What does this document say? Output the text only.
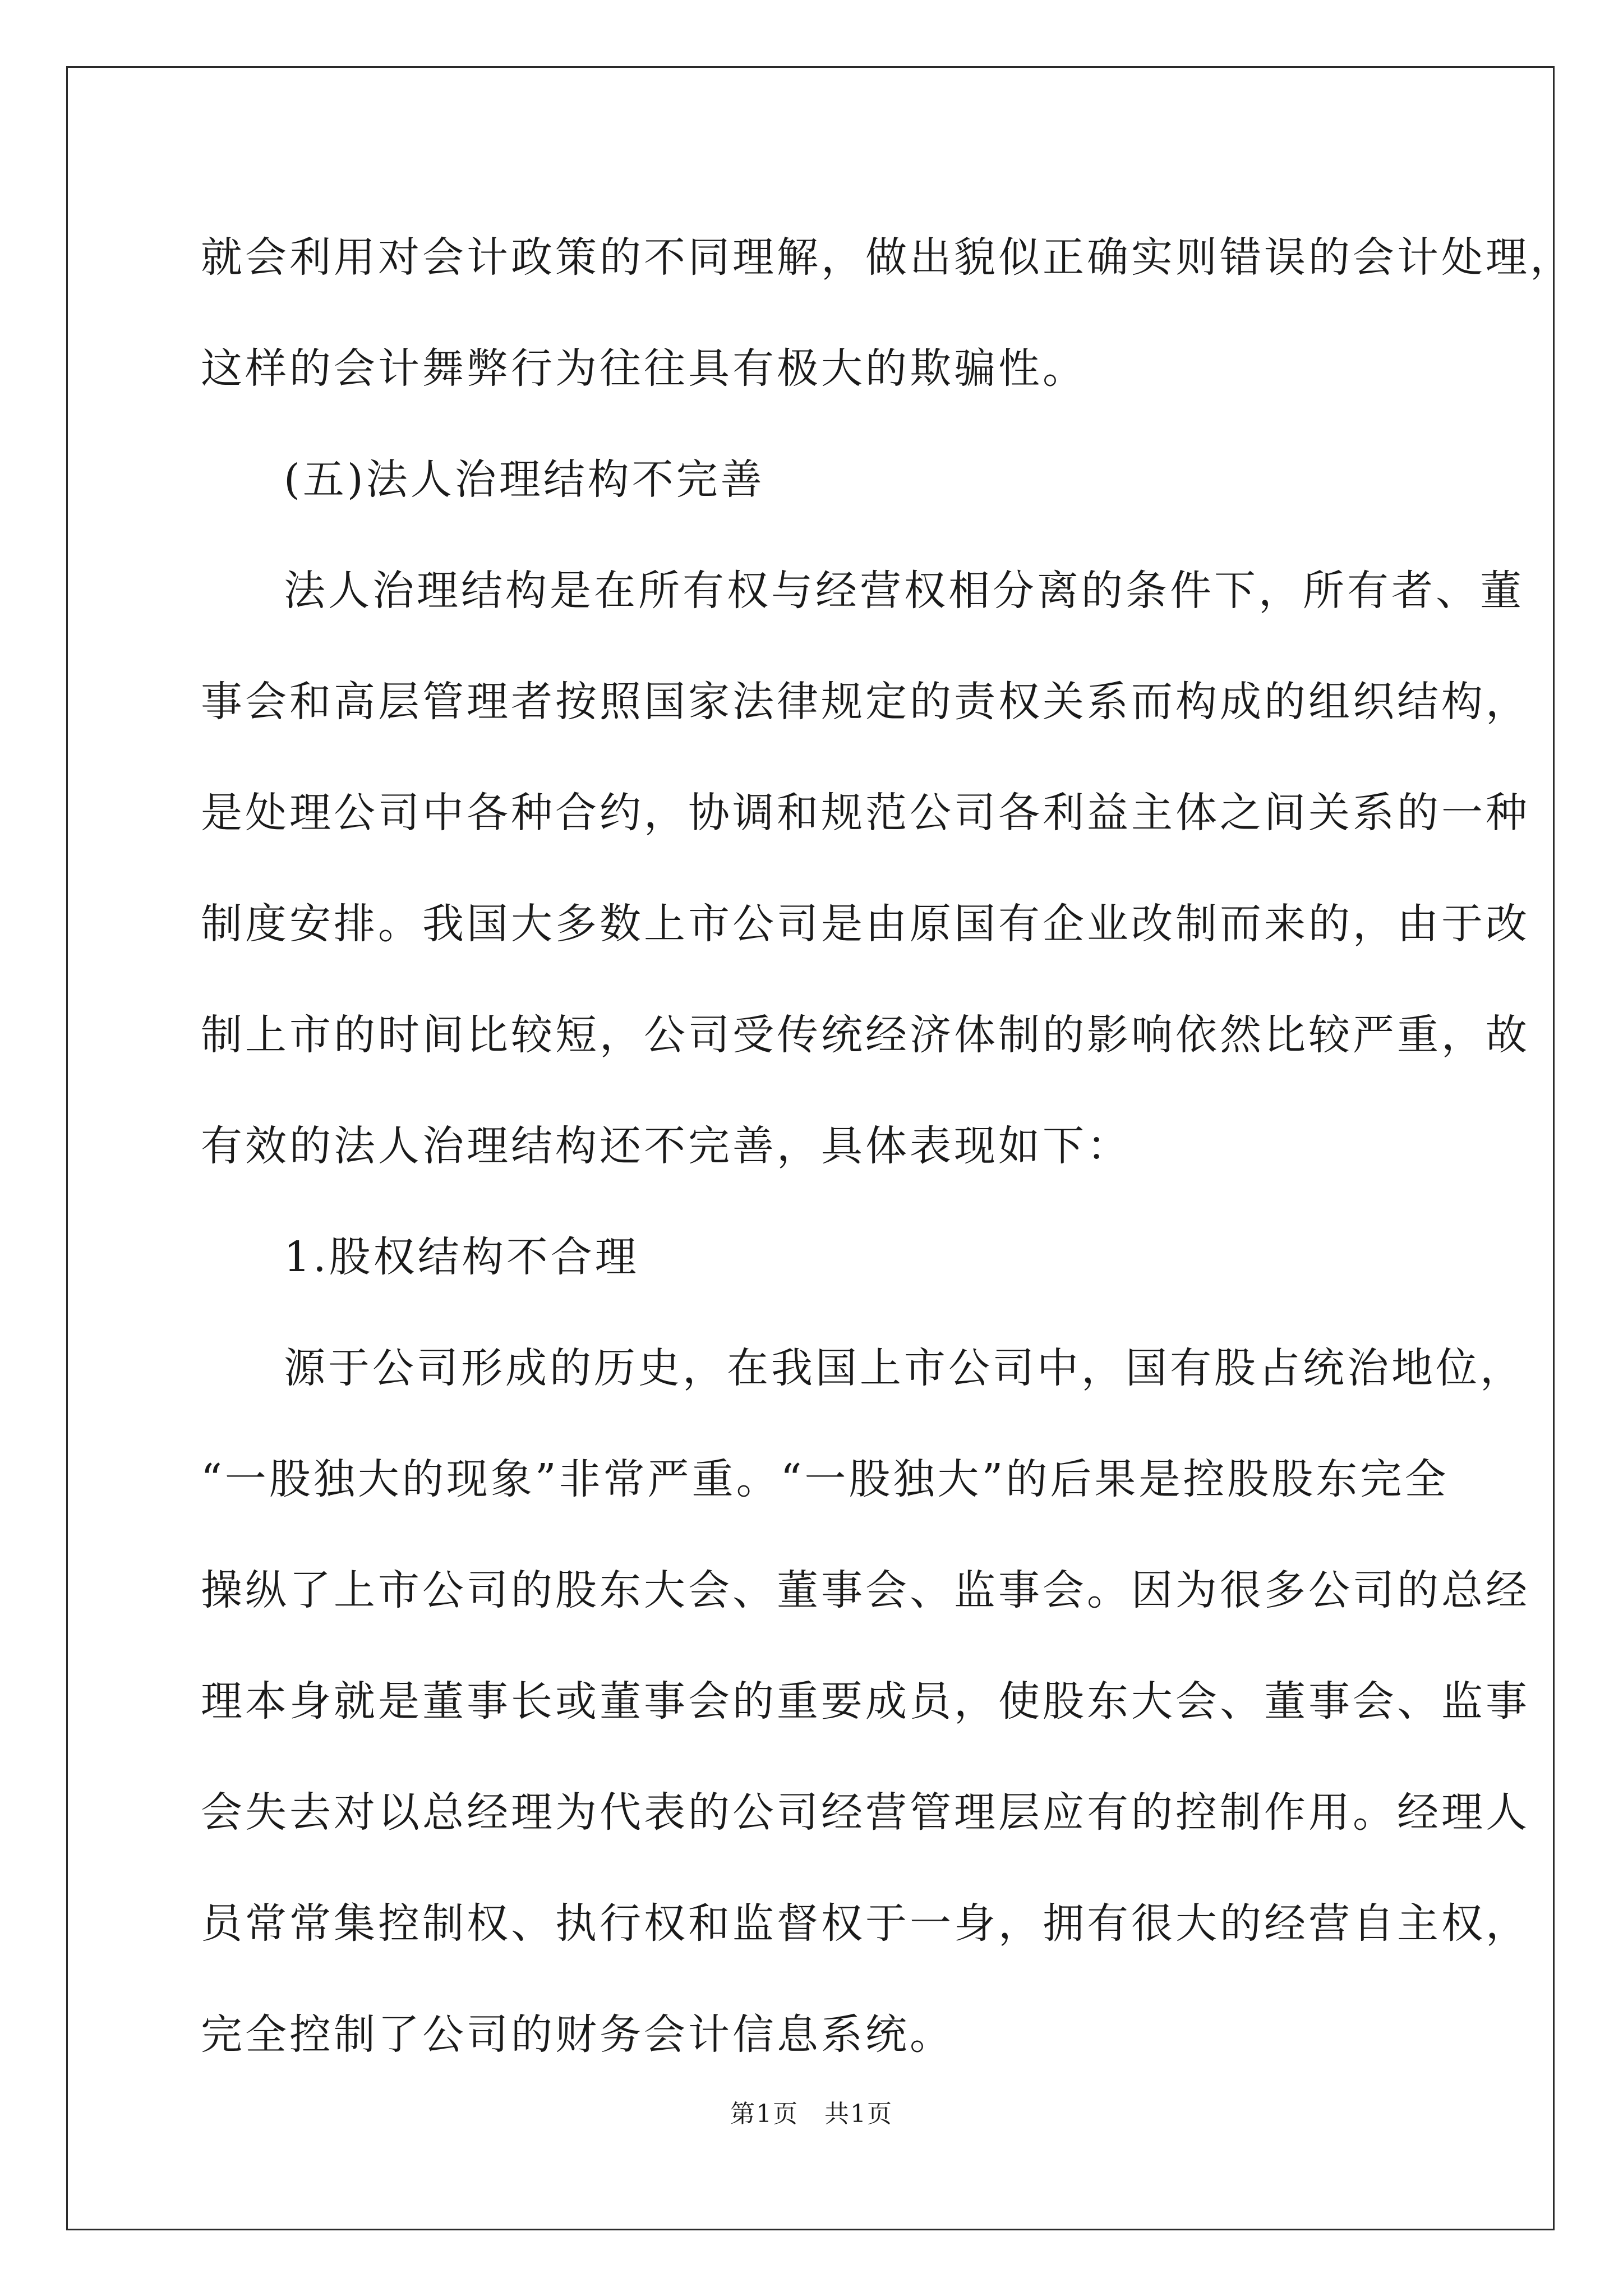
就会利用对会计政策的不同理解，做出貌似正确实则错误的会计处理，
这样的会计舞弊行为往往具有极大的欺骗性。
(五)法人治理结构不完善
法人治理结构是在所有权与经营权相分离的条件下，所有者、董
事会和高层管理者按照国家法律规定的责权关系而构成的组织结构，
是处理公司中各种合约，协调和规范公司各利益主体之间关系的一种
制度安排。我国大多数上市公司是由原国有企业改制而来的，由于改
制上市的时间比较短，公司受传统经济体制的影响依然比较严重，故
有效的法人治理结构还不完善，具体表现如下：
1.股权结构不合理
源于公司形成的历史，在我国上市公司中，国有股占统治地位，
“一股独大的现象”非常严重。“一股独大”的后果是控股股东完全
操纵了上市公司的股东大会、董事会、监事会。因为很多公司的总经
理本身就是董事长或董事会的重要成员，使股东大会、董事会、监事
会失去对以总经理为代表的公司经营管理层应有的控制作用。经理人
员常常集控制权、执行权和监督权于一身，拥有很大的经营自主权，
完全控制了公司的财务会计信息系统。
第1页　共1页
